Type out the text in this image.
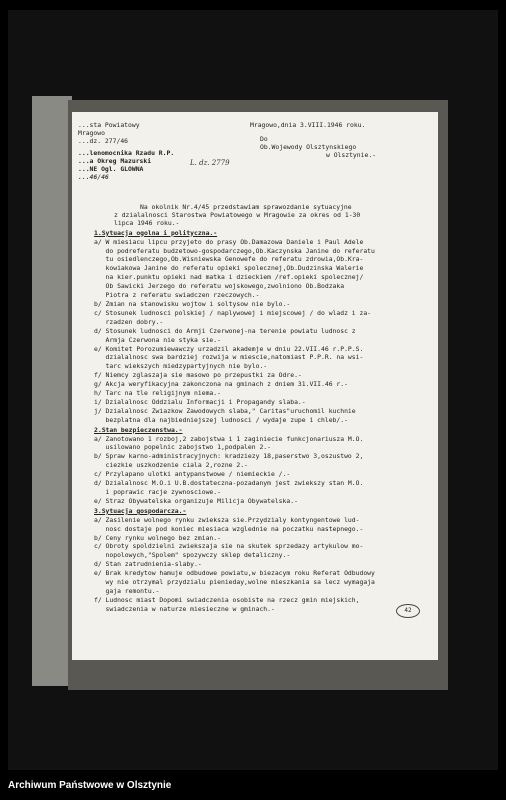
...sta Powiatowy
Mragowo
...dz. 277/46
Mragowo,dnia 3.VIII.1946 roku.
Do
Ob.Wojewody Olsztynskiego
w Olsztynie.-
...lenomocnika Rzadu R.P.
...a Okreg Mazurski
...NE Ogl. GLOWNA
...46/46
L. dz. 2779
Na okolnik Nr.4/45 przedstawiam sprawozdanie sytuacyjne
z dzialalnosci Starostwa Powiatowego w Mragowie za okres od 1-30
lipca 1946 roku.-
1.Sytuacja ogolna i polityczna.-
a/ W miesiacu lipcu przyjeto do prasy Ob.Damazowa Daniele i Paul Adele
do podreferatu budzetowo-gospodarczego,Ob.Kaczynska Janine do referatu
tu osiedlenczego,Ob.Wisniewska Genowefe do referatu zdrowia,Ob.Kra-
kowiakowa Janine do referatu opieki spolecznej,Ob.Dudzinska Walerie
na kier.punktu opieki nad matka i dzieckiem /ref.opieki spolecznej/
Ob Sawicki Jerzego do referatu wojskowego,zwolniono Ob.Bodzaka
Piotra z referatu swiadczen rzeczowych.-
b/ Zmian na stanowisku wojtow i soltysow nie bylo.-
c/ Stosunek ludnosci polskiej / naplywowej i miejscowej / do wladz i za-
rzadzen dobry.-
d/ Stosunek ludnosci do Armji Czerwonej-na terenie powiatu ludnosc z
Armja Czerwona nie styka sie.-
e/ Komitet Porozumiewawczy urzadzil akademje w dniu 22.VII.46 r.P.P.S.
dzialalnosc swa bardziej rozwija w miescie,natomiast P.P.R. na wsi-
tarc wiekszych miedzypartyjnych nie bylo.-
f/ Niemcy zglaszaja sie masowo po przepustki za Odre.-
g/ Akcja weryfikacyjna zakonczona na gminach z dniem 31.VII.46 r.-
h/ Tarc na tle religijnym niema.-
i/ Dzialalnosc Oddzialu Informacji i Propagandy slaba.-
j/ Dzialalnosc Zwiazkow Zawodowych slaba," Caritas"uruchomil kuchnie
bezplatna dla najbiedniejszej ludnosci / wydaje zupe i chleb/.-
2.Stan bezpieczenstwa.-
a/ Zanotowano 1 rozboj,2 zabojstwa i 1 zaginiecie funkcjonariusza M.O.
usilowano popelnic zabojstwo 1,podpalen 2.-
b/ Spraw karno-administracyjnych: kradziezy 18,paserstwo 3,oszustwo 2,
ciezkie uszkodzenie ciala 2,rozne 2.-
c/ Przylapano ulotki antypanstwowe / niemieckie /.-
d/ Dzialalnosc M.O.i U.B.dostateczna-pozadanym jest zwiekszy stan M.O.
i poprawic racje zywnosciowe.-
e/ Straz Obywatelska organizuje Milicja Obywatelska.-
3.Sytuacja gospodarcza.-
a/ Zasilenie wolnego rynku zwieksza sie.Przydzialy kontyngentowe lud-
nosc dostaje pod koniec miesiaca wzglednie na poczatku nastepnego.-
b/ Ceny rynku wolnego bez zmian.-
c/ Obroty spoldzielni zwiekszaja sie na skutek sprzedazy artykulow mo-
nopolowych,"Spolem" spozywczy sklep detaliczny.-
d/ Stan zatrudnienia-slaby.-
e/ Brak kredytow hamuje odbudowe powiatu,w biezacym roku Referat Odbudowy
wy nie otrzymal przydzialu pienieday,wolne mieszkania sa lecz wymagaja
gaja remontu.-
f/ Ludnosc miast Dopomi swiadczenia osobiste na rzecz gmin miejskich,
swiadczenia w naturze miesieczne w gminach.-	42
Archiwum Państwowe w Olsztynie
